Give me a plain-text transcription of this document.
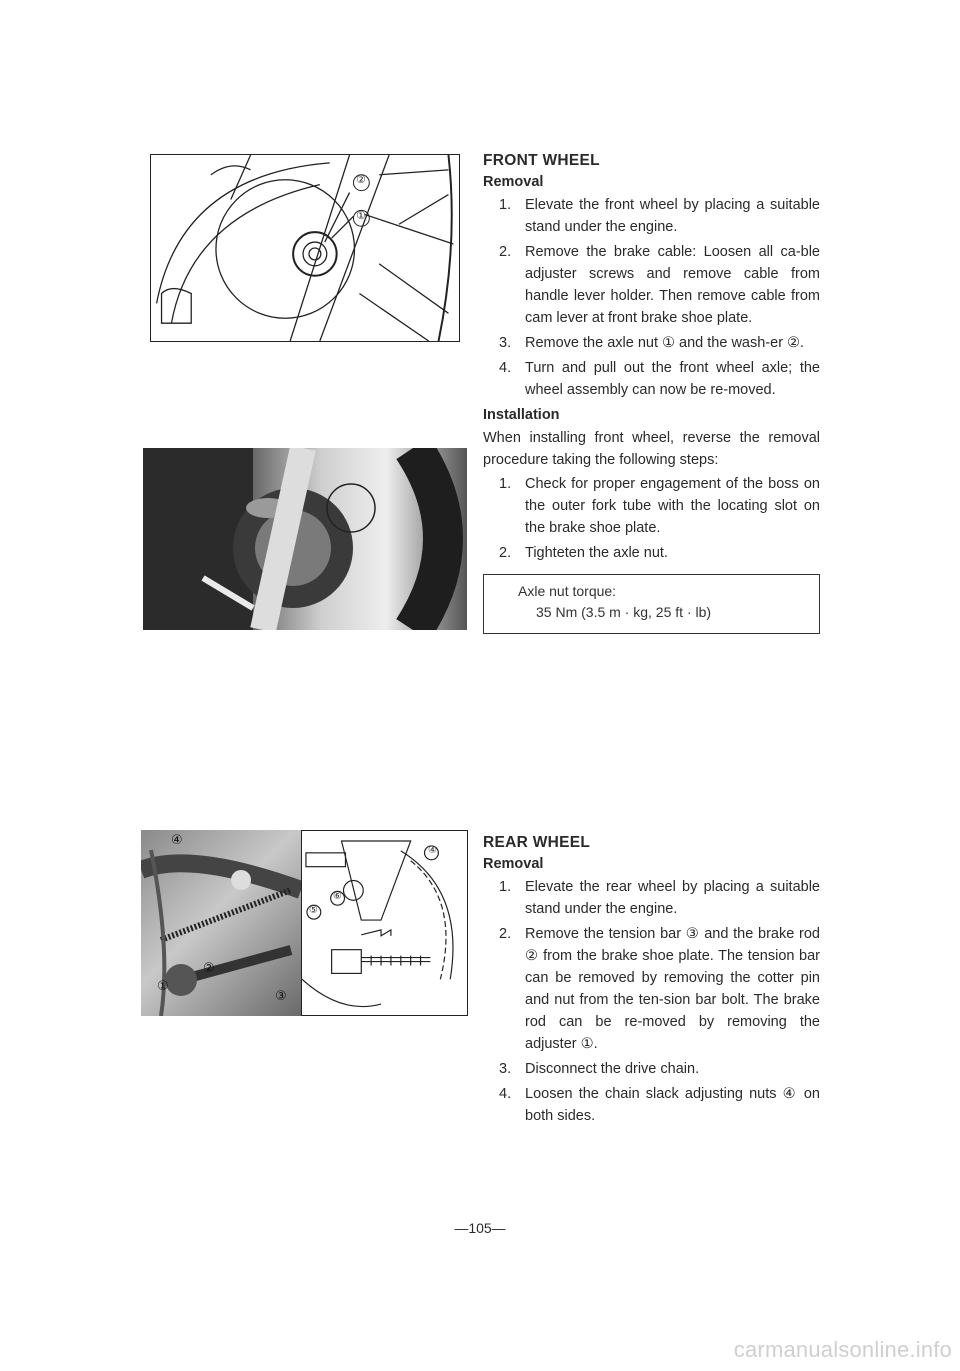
②
①
④
①
②
③
④
⑤
⑥
FRONT WHEEL
Removal
1. Elevate the front wheel by placing a suitable stand under the engine.
2. Remove the brake cable: Loosen all ca-ble adjuster screws and remove cable from handle lever holder. Then remove cable from cam lever at front brake shoe plate.
3. Remove the axle nut ① and the wash-er ②.
4. Turn and pull out the front wheel axle; the wheel assembly can now be re-moved.
Installation

When installing front wheel, reverse the removal procedure taking the following steps:

1. Check for proper engagement of the boss on the outer fork tube with the locating slot on the brake shoe plate.
2. Tighteten the axle nut.
Axle nut torque:
35 Nm (3.5 m · kg, 25 ft · lb)
REAR WHEEL
Removal
1. Elevate the rear wheel by placing a suitable stand under the engine.
2. Remove the tension bar ③ and the brake rod ② from the brake shoe plate. The tension bar can be removed by removing the cotter pin and nut from the ten-sion bar bolt. The brake rod can be re-moved by removing the adjuster ①.
3. Disconnect the drive chain.
4. Loosen the chain slack adjusting nuts ④ on both sides.
—105—
carmanualsonline.info
